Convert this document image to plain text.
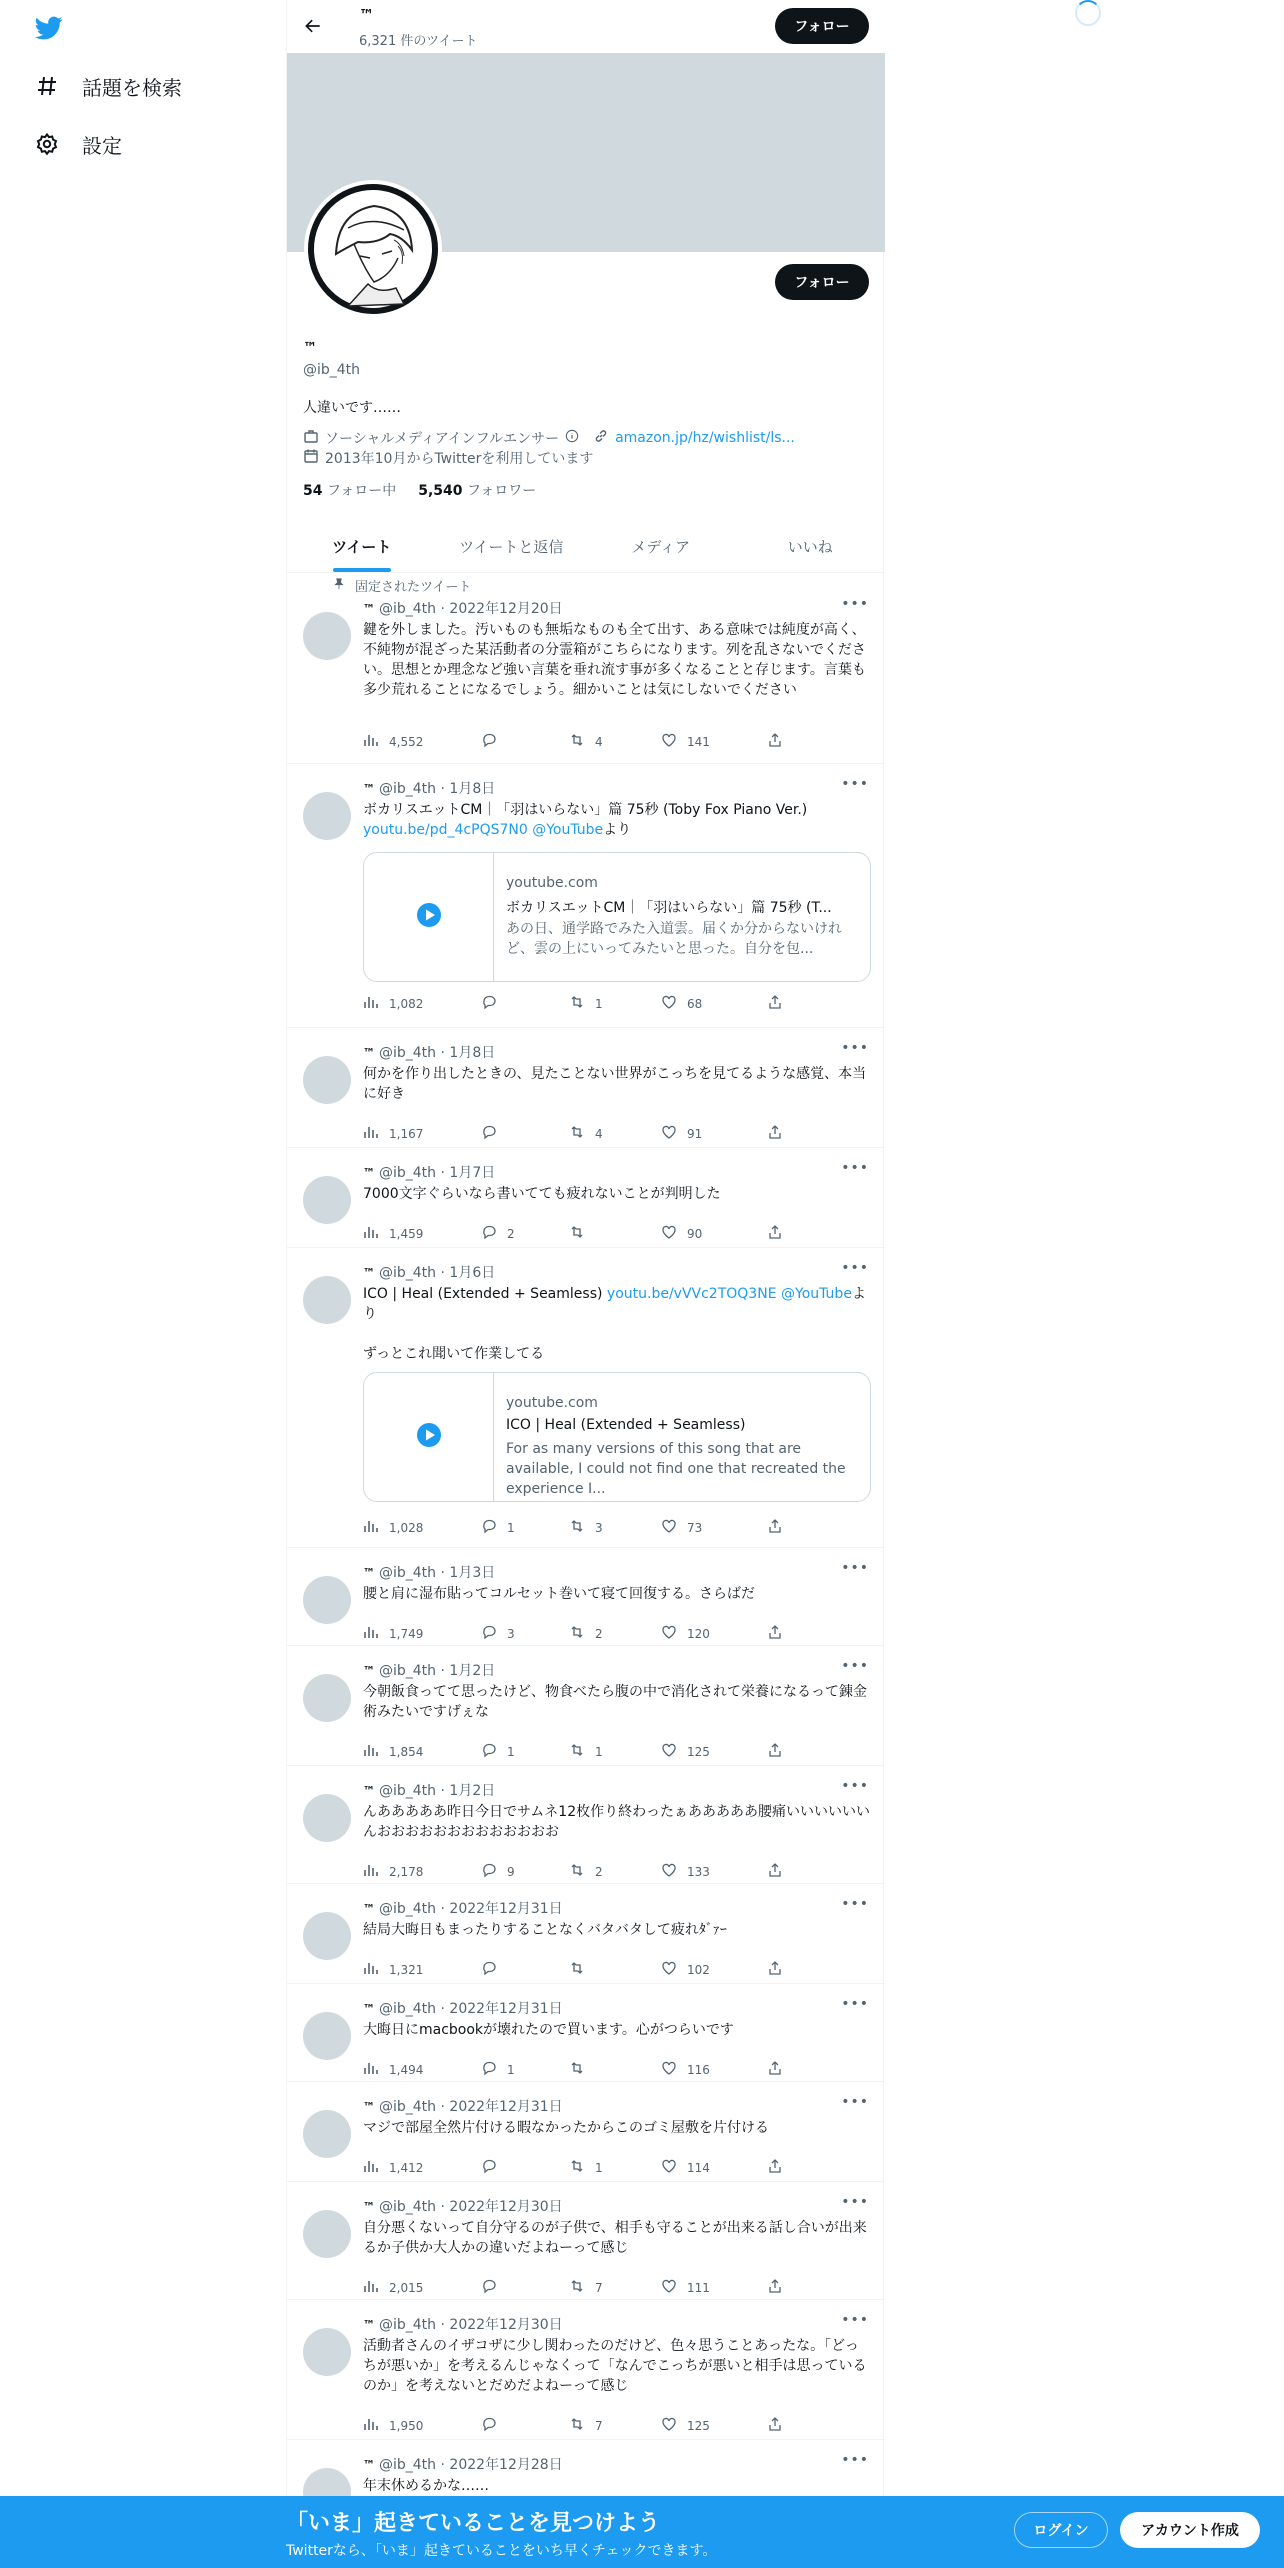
話題を検索
設定
™
6,321 件のツイート
フォロー
フォロー
™
@ib_4th
人違いです……
ソーシャルメディアインフルエンサー	amazon.jp/hz/wishlist/ls...
2013年10月からTwitterを利用しています
54 フォロー中 5,540 フォロワー
ツイート	ツイートと返信	メディア	いいね
固定されたツイート
™ @ib_4th · 2022年12月20日	•••
鍵を外しました。汚いものも無垢なものも全て出す、ある意味では純度が高く、不純物が混ざった某活動者の分霊箱がこちらになります。列を乱さないでください。思想とか理念など強い言葉を垂れ流す事が多くなることと存じます。言葉も多少荒れることになるでしょう。細かいことは気にしないでください
4,552	4	141
™ @ib_4th · 1月8日	•••
ボカリスエットCM｜「羽はいらない」篇 75秒 (Toby Fox Piano Ver.) youtu.be/pd_4cPQS7N0 @YouTubeより
youtube.com
ボカリスエットCM｜「羽はいらない」篇 75秒 (T...
あの日、通学路でみた入道雲。届くか分からないけれど、雲の上にいってみたいと思った。自分を包...
1,082	1	68
™ @ib_4th · 1月8日	•••
何かを作り出したときの、見たことない世界がこっちを見てるような感覚、本当に好き
1,167	4	91
™ @ib_4th · 1月7日	•••
7000文字ぐらいなら書いてても疲れないことが判明した
1,459	2	90
™ @ib_4th · 1月6日	•••
ICO | Heal (Extended + Seamless) youtu.be/vVVc2TOQ3NE @YouTubeより

ずっとこれ聞いて作業してる
youtube.com
ICO | Heal (Extended + Seamless)
For as many versions of this song that are available, I could not find one that recreated the experience I...
1,028	1	3	73
™ @ib_4th · 1月3日	•••
腰と肩に湿布貼ってコルセット巻いて寝て回復する。さらばだ
1,749	3	2	120
™ @ib_4th · 1月2日	•••
今朝飯食ってて思ったけど、物食べたら腹の中で消化されて栄養になるって錬金術みたいですげぇな
1,854	1	1	125
™ @ib_4th · 1月2日	•••
んあああああ昨日今日でサムネ12枚作り終わったぁあああああ腰痛いいいいいいんおおおおおおおおおおおおお
2,178	9	2	133
™ @ib_4th · 2022年12月31日	•••
結局大晦日もまったりすることなくバタバタして疲れﾀﾞｧｰ
1,321	102
™ @ib_4th · 2022年12月31日	•••
大晦日にmacbookが壊れたので買います。心がつらいです
1,494	1	116
™ @ib_4th · 2022年12月31日	•••
マジで部屋全然片付ける暇なかったからこのゴミ屋敷を片付ける
1,412	1	114
™ @ib_4th · 2022年12月30日	•••
自分悪くないって自分守るのが子供で、相手も守ることが出来る話し合いが出来るか子供か大人かの違いだよねーって感じ
2,015	7	111
™ @ib_4th · 2022年12月30日	•••
活動者さんのイザコザに少し関わったのだけど、色々思うことあったな。「どっちが悪いか」を考えるんじゃなくって「なんでこっちが悪いと相手は思っているのか」を考えないとだめだよねーって感じ
1,950	7	125
™ @ib_4th · 2022年12月28日	•••
年末休めるかな……
「いま」起きていることを見つけよう
Twitterなら、「いま」起きていることをいち早くチェックできます。
ログイン	アカウント作成
